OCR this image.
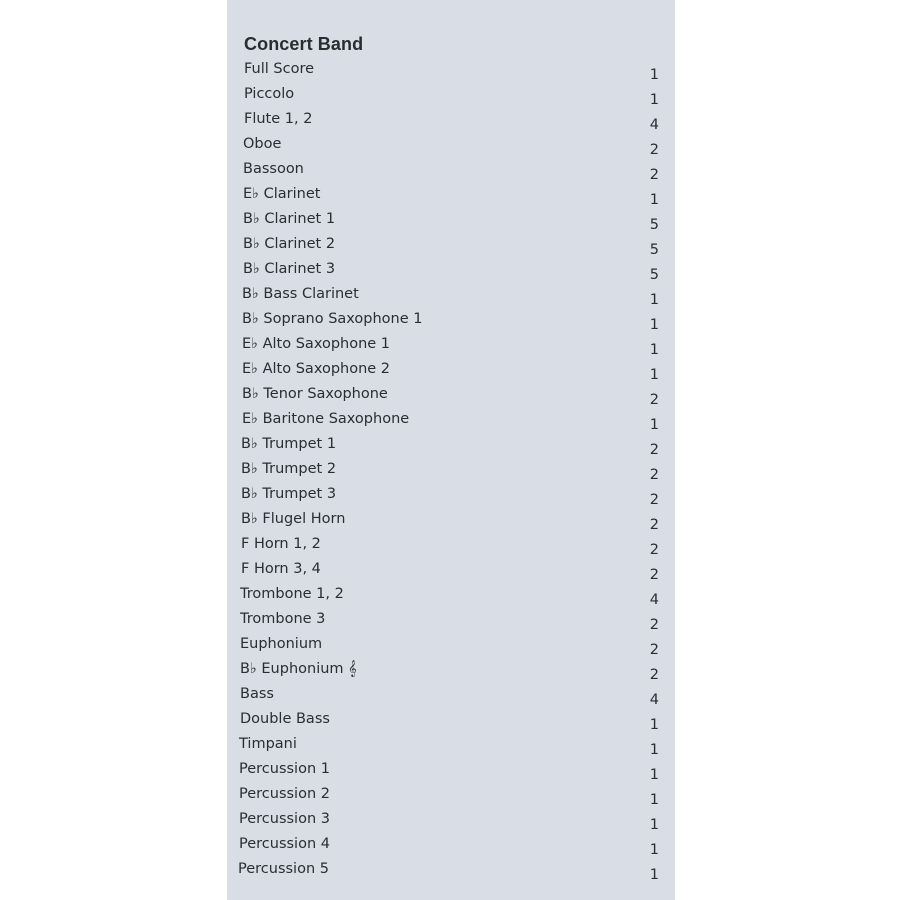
Concert Band
Full Score	1
Piccolo	1
Flute 1, 2	4
Oboe	2
Bassoon	2
E♭ Clarinet	1
B♭ Clarinet 1	5
B♭ Clarinet 2	5
B♭ Clarinet 3	5
B♭ Bass Clarinet	1
B♭ Soprano Saxophone 1	1
E♭ Alto Saxophone 1	1
E♭ Alto Saxophone 2	1
B♭ Tenor Saxophone	2
E♭ Baritone Saxophone	1
B♭ Trumpet 1	2
B♭ Trumpet 2	2
B♭ Trumpet 3	2
B♭ Flugel Horn	2
F Horn 1, 2	2
F Horn 3, 4	2
Trombone 1, 2	4
Trombone 3	2
Euphonium	2
B♭ Euphonium 𝄞	2
Bass	4
Double Bass	1
Timpani	1
Percussion 1	1
Percussion 2	1
Percussion 3	1
Percussion 4	1
Percussion 5	1
